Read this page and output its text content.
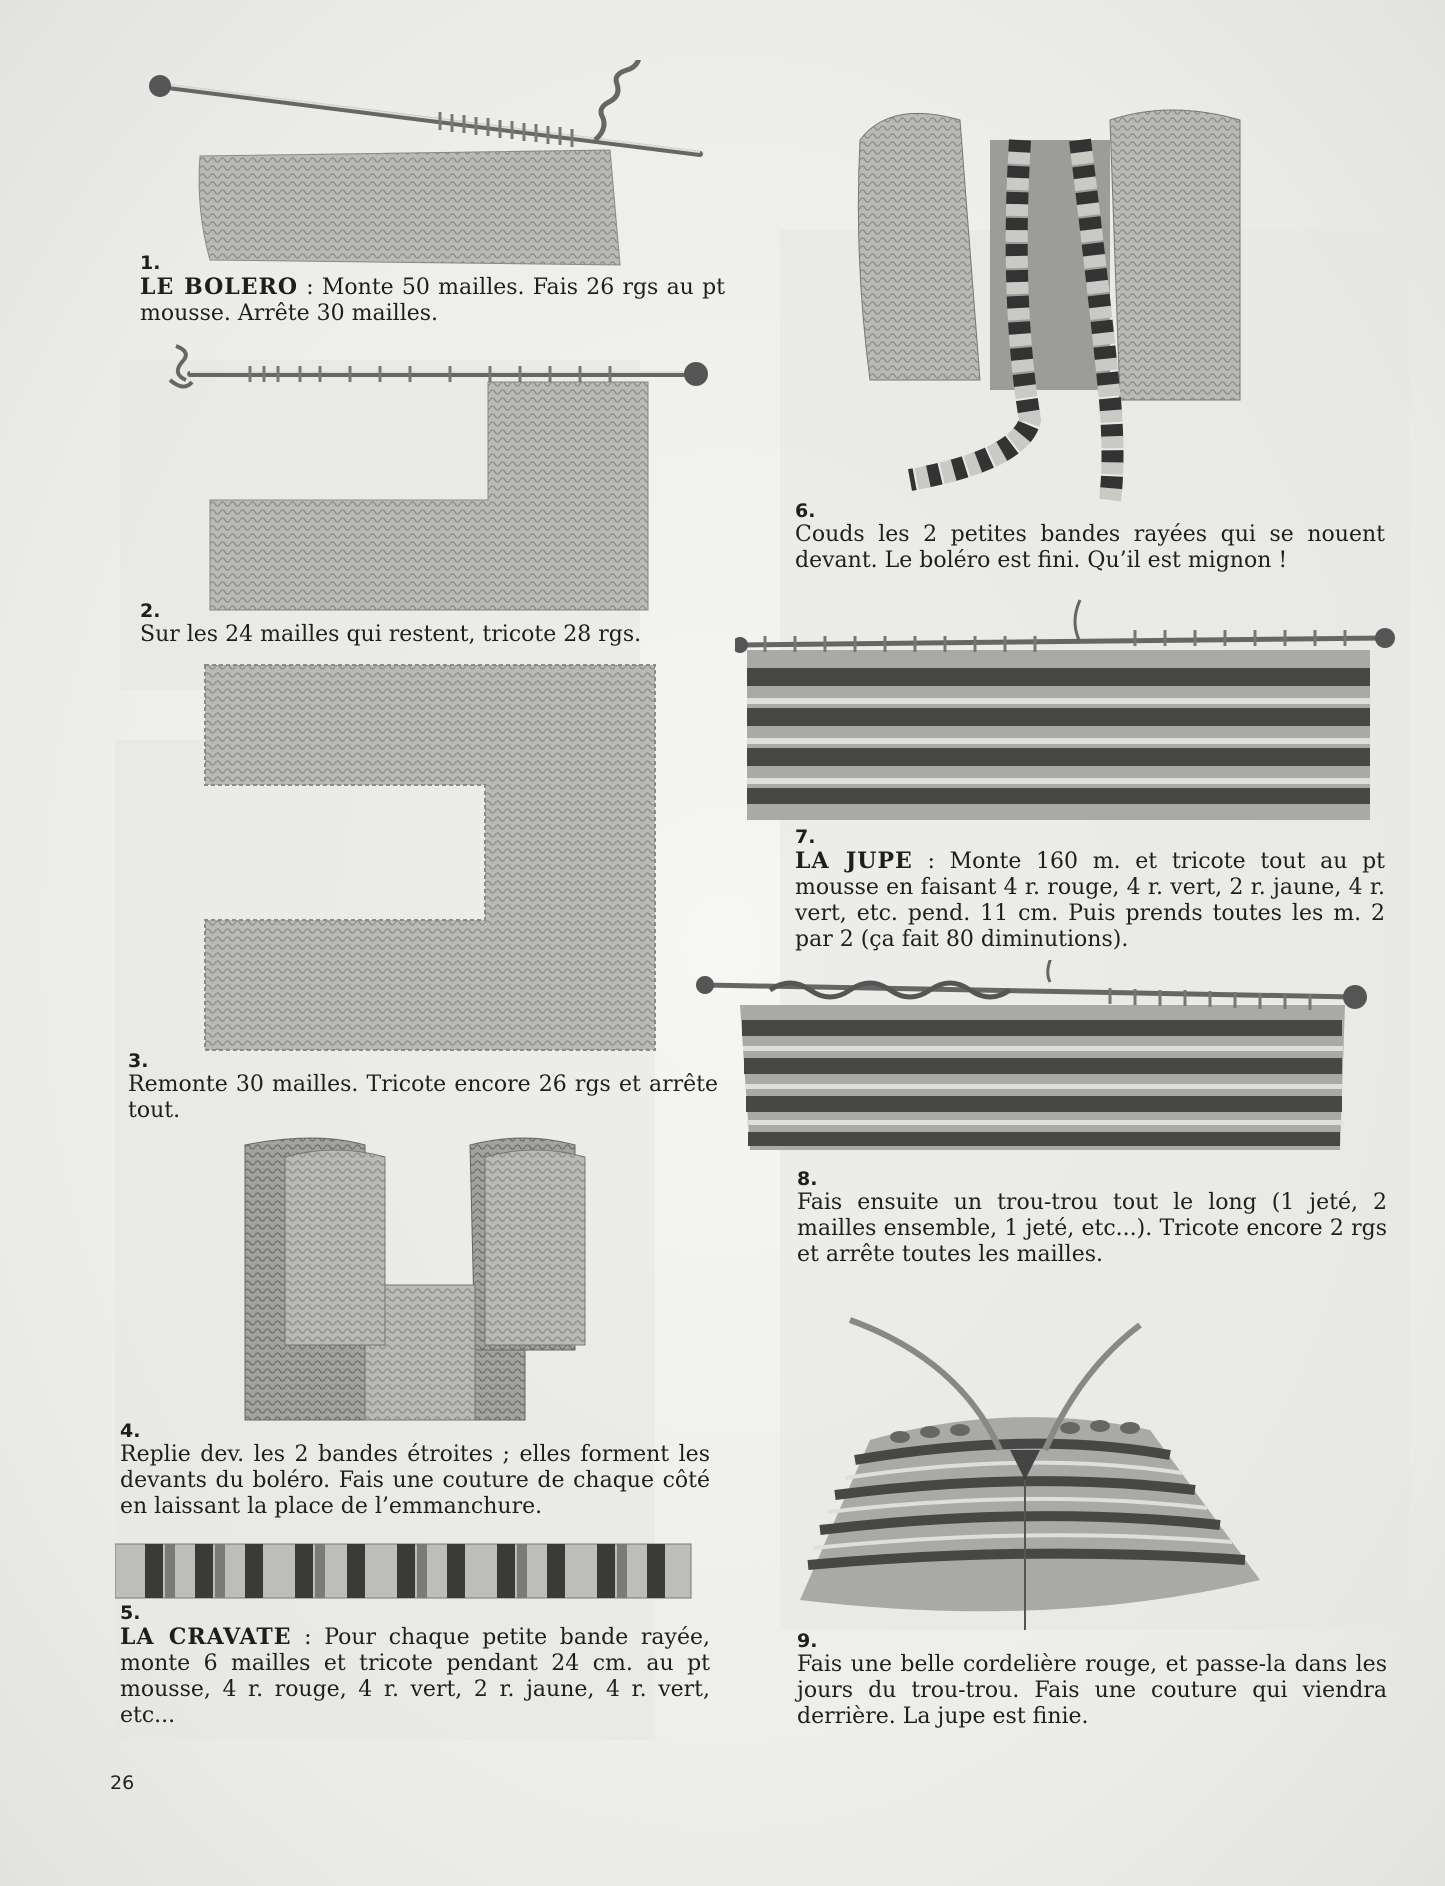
1.
LE BOLERO : Monte 50 mailles. Fais 26 rgs au pt mousse. Arrête 30 mailles.
2.
Sur les 24 mailles qui restent, tricote 28 rgs.
3.
Remonte 30 mailles. Tricote encore 26 rgs et arrête tout.
4.
Replie dev. les 2 bandes étroites ; elles forment les devants du boléro. Fais une couture de chaque côté en laissant la place de l’emmanchure.
5.
LA CRAVATE : Pour chaque petite bande rayée, monte 6 mailles et tricote pendant 24 cm. au pt mousse, 4 r. rouge, 4 r. vert, 2 r. jaune, 4 r. vert, etc...
6.
Couds les 2 petites bandes rayées qui se nouent devant. Le boléro est fini. Qu’il est mignon !
7.
LA JUPE : Monte 160 m. et tricote tout au pt mousse en faisant 4 r. rouge, 4 r. vert, 2 r. jaune, 4 r. vert, etc. pend. 11 cm. Puis prends toutes les m. 2 par 2 (ça fait 80 diminutions).
8.
Fais ensuite un trou-trou tout le long (1 jeté, 2 mailles ensemble, 1 jeté, etc...). Tricote encore 2 rgs et arrête toutes les mailles.
9.
Fais une belle cordelière rouge, et passe-la dans les jours du trou-trou. Fais une couture qui viendra derrière. La jupe est finie.
26
